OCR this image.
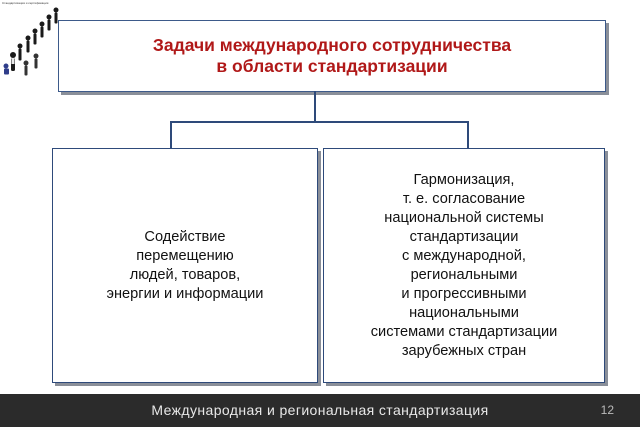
Стандартизация и сертификация
Задачи международного сотрудничества
в области стандартизации
Содействие
перемещению
людей, товаров,
энергии и информации
Гармонизация,
т. е. согласование
национальной системы
стандартизации
с международной,
региональными
и прогрессивными
национальными
системами стандартизации
зарубежных стран
Международная и региональная стандартизация	12
